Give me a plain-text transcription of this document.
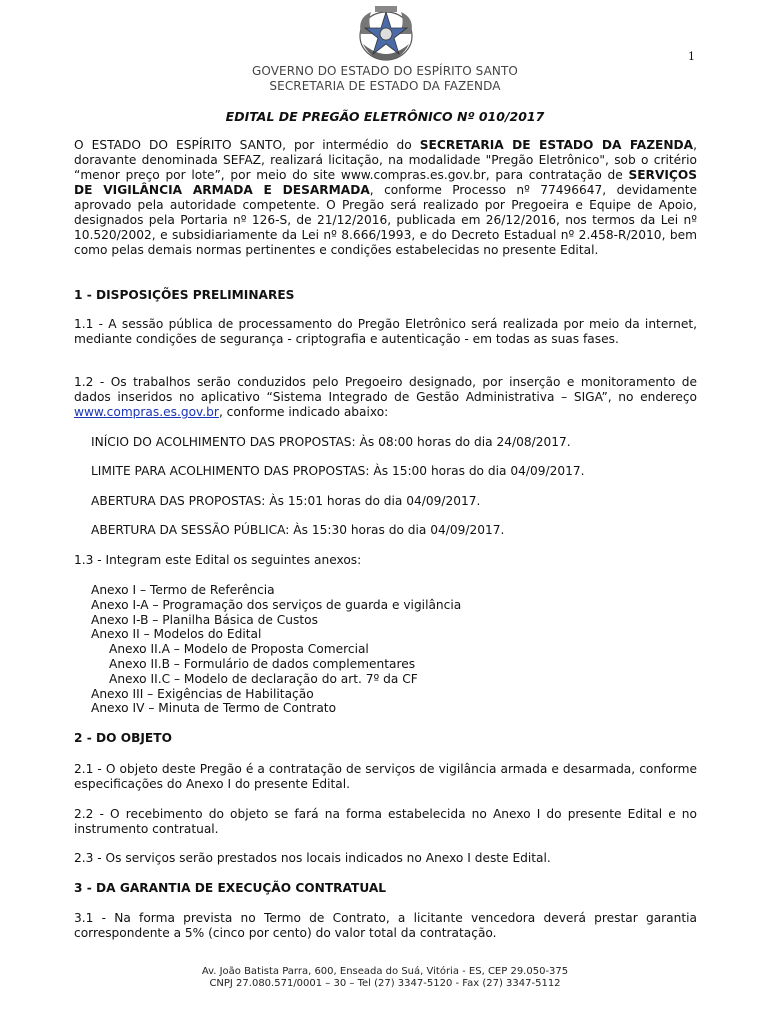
1
GOVERNO DO ESTADO DO ESPÍRITO SANTO
SECRETARIA DE ESTADO DA FAZENDA
EDITAL DE PREGÃO ELETRÔNICO Nº 010/2017
O ESTADO DO ESPÍRITO SANTO, por intermédio do SECRETARIA DE ESTADO DA FAZENDA, doravante denominada SEFAZ, realizará licitação, na modalidade "Pregão Eletrônico", sob o critério “menor preço por lote”, por meio do site www.compras.es.gov.br, para contratação de SERVIÇOS DE VIGILÂNCIA ARMADA E DESARMADA, conforme Processo nº 77496647, devidamente aprovado pela autoridade competente. O Pregão será realizado por Pregoeira e Equipe de Apoio, designados pela Portaria nº 126-S, de 21/12/2016, publicada em 26/12/2016, nos termos da Lei nº 10.520/2002, e subsidiariamente da Lei nº 8.666/1993, e do Decreto Estadual nº 2.458-R/2010, bem como pelas demais normas pertinentes e condições estabelecidas no presente Edital.
1 - DISPOSIÇÕES PRELIMINARES
1.1 - A sessão pública de processamento do Pregão Eletrônico será realizada por meio da internet, mediante condições de segurança - criptografia e autenticação - em todas as suas fases.
1.2 - Os trabalhos serão conduzidos pelo Pregoeiro designado, por inserção e monitoramento de dados inseridos no aplicativo “Sistema Integrado de Gestão Administrativa – SIGA”, no endereço www.compras.es.gov.br, conforme indicado abaixo:
INÍCIO DO ACOLHIMENTO DAS PROPOSTAS: Às 08:00 horas do dia 24/08/2017.
LIMITE PARA ACOLHIMENTO DAS PROPOSTAS: Às 15:00 horas do dia 04/09/2017.
ABERTURA DAS PROPOSTAS: Às 15:01 horas do dia 04/09/2017.
ABERTURA DA SESSÃO PÚBLICA: Às 15:30 horas do dia 04/09/2017.
1.3 - Integram este Edital os seguintes anexos:
Anexo I – Termo de Referência
Anexo I-A – Programação dos serviços de guarda e vigilância
Anexo I-B – Planilha Básica de Custos
Anexo II – Modelos do Edital
Anexo II.A – Modelo de Proposta Comercial
Anexo II.B – Formulário de dados complementares
Anexo II.C – Modelo de declaração do art. 7º da CF
Anexo III – Exigências de Habilitação
Anexo IV – Minuta de Termo de Contrato
2 - DO OBJETO
2.1 - O objeto deste Pregão é a contratação de serviços de vigilância armada e desarmada, conforme especificações do Anexo I do presente Edital.
2.2 - O recebimento do objeto se fará na forma estabelecida no Anexo I do presente Edital e no instrumento contratual.
2.3 - Os serviços serão prestados nos locais indicados no Anexo I deste Edital.
3 - DA GARANTIA DE EXECUÇÃO CONTRATUAL
3.1 - Na forma prevista no Termo de Contrato, a licitante vencedora deverá prestar garantia correspondente a 5% (cinco por cento) do valor total da contratação.
Av. João Batista Parra, 600, Enseada do Suá, Vitória - ES, CEP 29.050-375
CNPJ 27.080.571/0001 – 30 – Tel (27) 3347-5120 - Fax (27) 3347-5112
